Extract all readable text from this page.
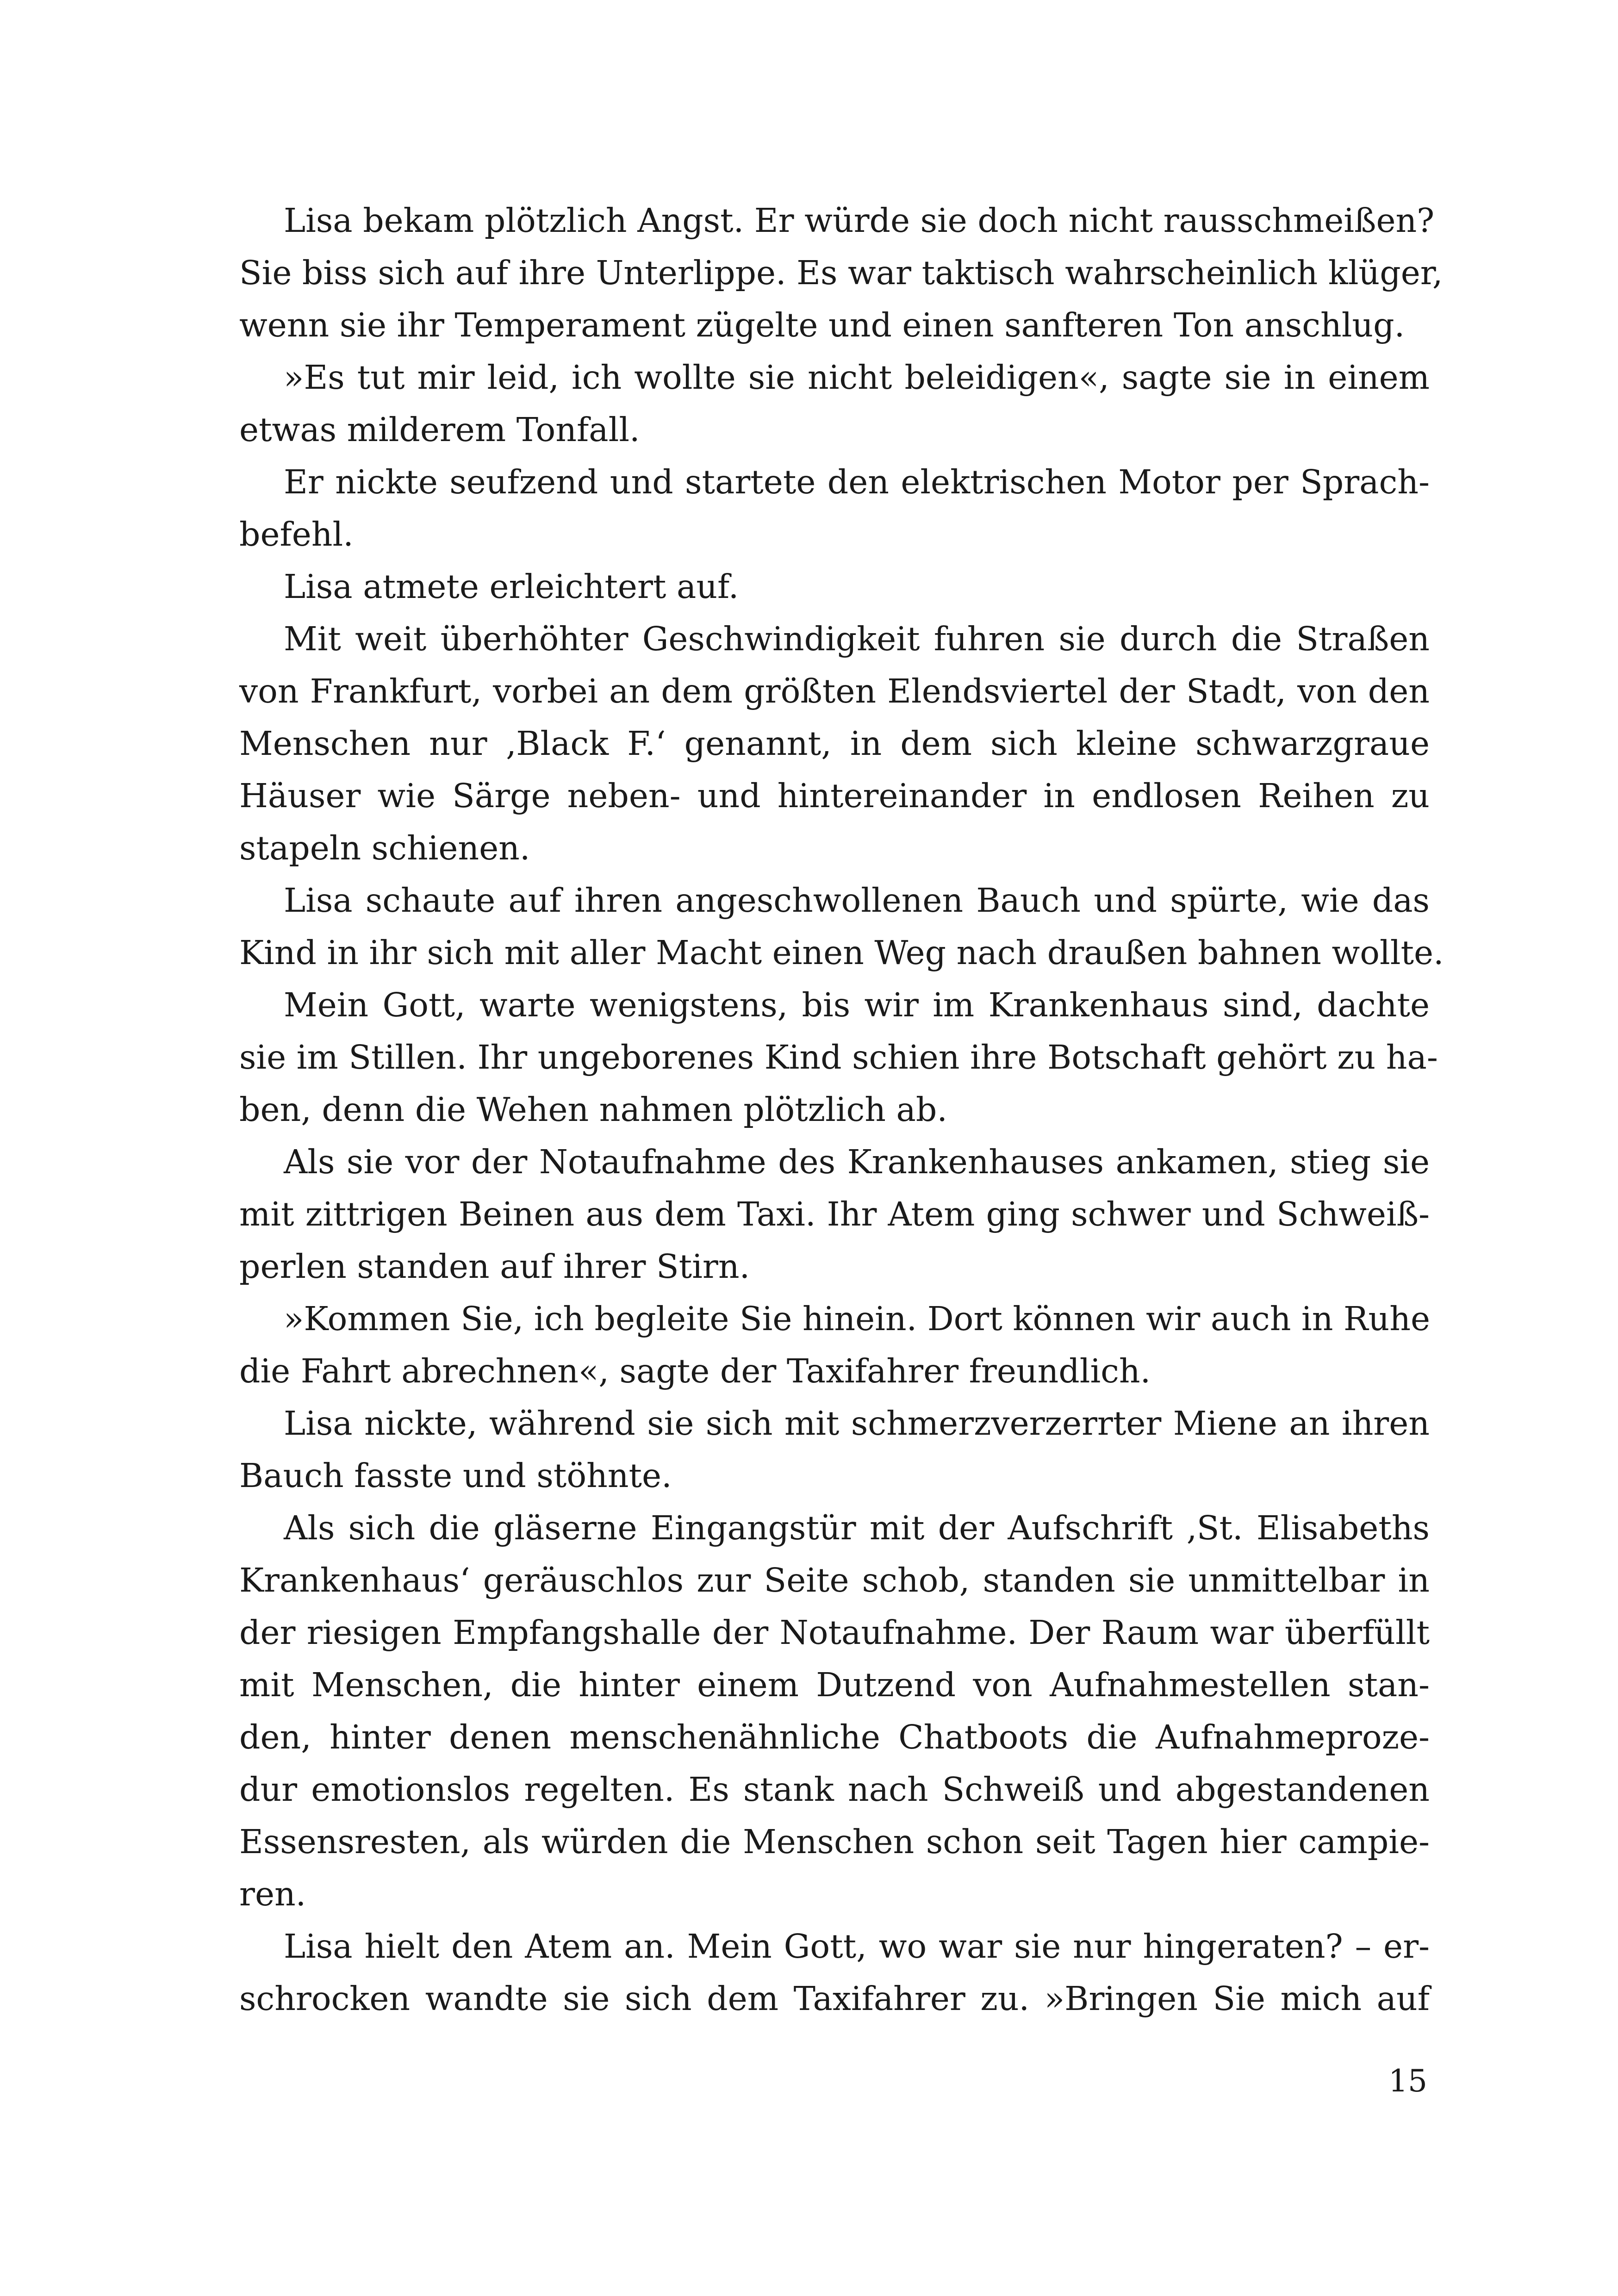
Lisa bekam plötzlich Angst. Er würde sie doch nicht rausschmeißen?
Sie biss sich auf ihre Unterlippe. Es war taktisch wahrscheinlich klüger,
wenn sie ihr Temperament zügelte und einen sanfteren Ton anschlug.
»Es tut mir leid, ich wollte sie nicht beleidigen«, sagte sie in einem
etwas milderem Tonfall.
Er nickte seufzend und startete den elektrischen Motor per Sprach-
befehl.
Lisa atmete erleichtert auf.
Mit weit überhöhter Geschwindigkeit fuhren sie durch die Straßen
von Frankfurt, vorbei an dem größten Elendsviertel der Stadt, von den
Menschen nur ‚Black F.‘ genannt, in dem sich kleine schwarzgraue
Häuser wie Särge neben- und hintereinander in endlosen Reihen zu
stapeln schienen.
Lisa schaute auf ihren angeschwollenen Bauch und spürte, wie das
Kind in ihr sich mit aller Macht einen Weg nach draußen bahnen wollte.
Mein Gott, warte wenigstens, bis wir im Krankenhaus sind, dachte
sie im Stillen. Ihr ungeborenes Kind schien ihre Botschaft gehört zu ha-
ben, denn die Wehen nahmen plötzlich ab.
Als sie vor der Notaufnahme des Krankenhauses ankamen, stieg sie
mit zittrigen Beinen aus dem Taxi. Ihr Atem ging schwer und Schweiß-
perlen standen auf ihrer Stirn.
»Kommen Sie, ich begleite Sie hinein. Dort können wir auch in Ruhe
die Fahrt abrechnen«, sagte der Taxifahrer freundlich.
Lisa nickte, während sie sich mit schmerzverzerrter Miene an ihren
Bauch fasste und stöhnte.
Als sich die gläserne Eingangstür mit der Aufschrift ‚St. Elisabeths
Krankenhaus‘ geräuschlos zur Seite schob, standen sie unmittelbar in
der riesigen Empfangshalle der Notaufnahme. Der Raum war überfüllt
mit Menschen, die hinter einem Dutzend von Aufnahmestellen stan-
den, hinter denen menschenähnliche Chatboots die Aufnahmeproze-
dur emotionslos regelten. Es stank nach Schweiß und abgestandenen
Essensresten, als würden die Menschen schon seit Tagen hier campie-
ren.
Lisa hielt den Atem an. Mein Gott, wo war sie nur hingeraten? – er-
schrocken wandte sie sich dem Taxifahrer zu. »Bringen Sie mich auf
15
